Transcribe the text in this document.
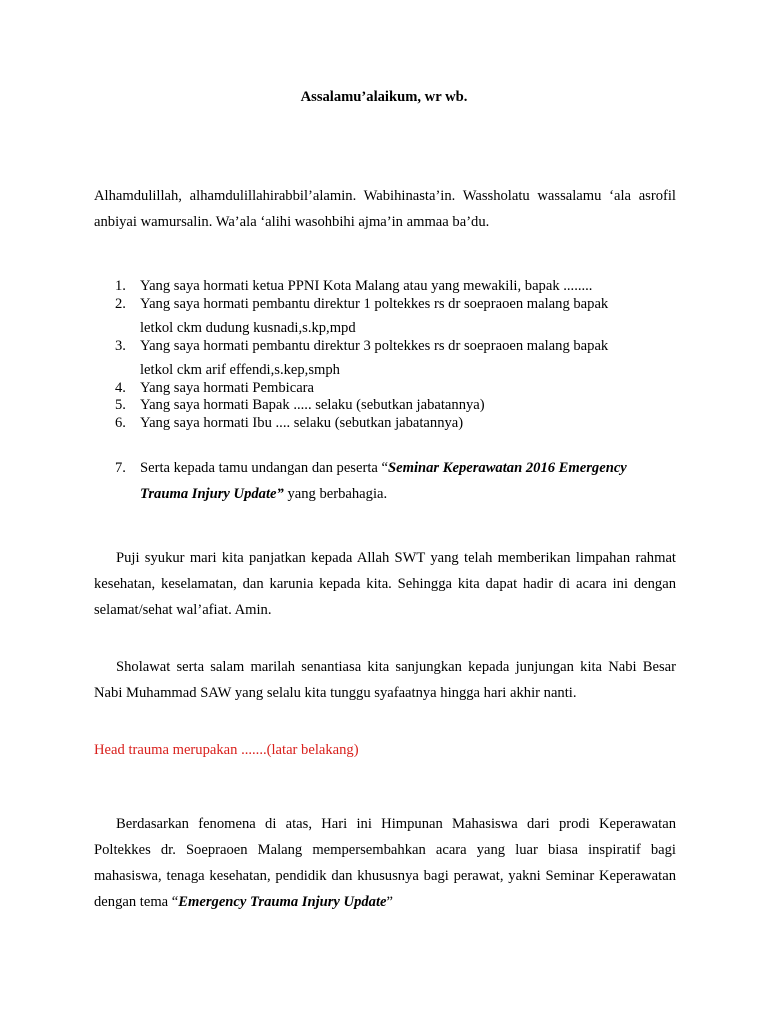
Assalamu’alaikum, wr wb.
Alhamdulillah, alhamdulillahirabbil’alamin. Wabihinasta’in. Wassholatu wassalamu ‘ala asrofil anbiyai wamursalin. Wa’ala ‘alihi wasohbihi ajma’in ammaa ba’du.
1. Yang saya hormati ketua PPNI Kota Malang atau yang mewakili, bapak ........
2. Yang saya hormati pembantu direktur 1 poltekkes rs dr soepraoen malang bapak
letkol ckm dudung kusnadi,s.kp,mpd
3. Yang saya hormati pembantu direktur 3 poltekkes rs dr soepraoen malang bapak
letkol ckm arif effendi,s.kep,smph
4. Yang saya hormati Pembicara
5. Yang saya hormati Bapak ..... selaku (sebutkan jabatannya)
6. Yang saya hormati Ibu .... selaku (sebutkan jabatannya)
7. Serta kepada tamu undangan dan peserta “Seminar Keperawatan 2016 Emergency
Trauma Injury Update” yang berbahagia.
Puji syukur mari kita panjatkan kepada Allah SWT yang telah memberikan limpahan rahmat kesehatan, keselamatan, dan karunia kepada kita. Sehingga kita dapat hadir di acara ini dengan selamat/sehat wal’afiat. Amin.
Sholawat serta salam marilah senantiasa kita sanjungkan kepada junjungan kita Nabi Besar Nabi Muhammad SAW yang selalu kita tunggu syafaatnya hingga hari akhir nanti.
Head trauma merupakan .......(latar belakang)
Berdasarkan fenomena di atas, Hari ini Himpunan Mahasiswa dari prodi Keperawatan Poltekkes dr. Soepraoen Malang mempersembahkan acara yang luar biasa inspiratif bagi mahasiswa, tenaga kesehatan, pendidik dan khususnya bagi perawat, yakni Seminar Keperawatan dengan tema “Emergency Trauma Injury Update”
